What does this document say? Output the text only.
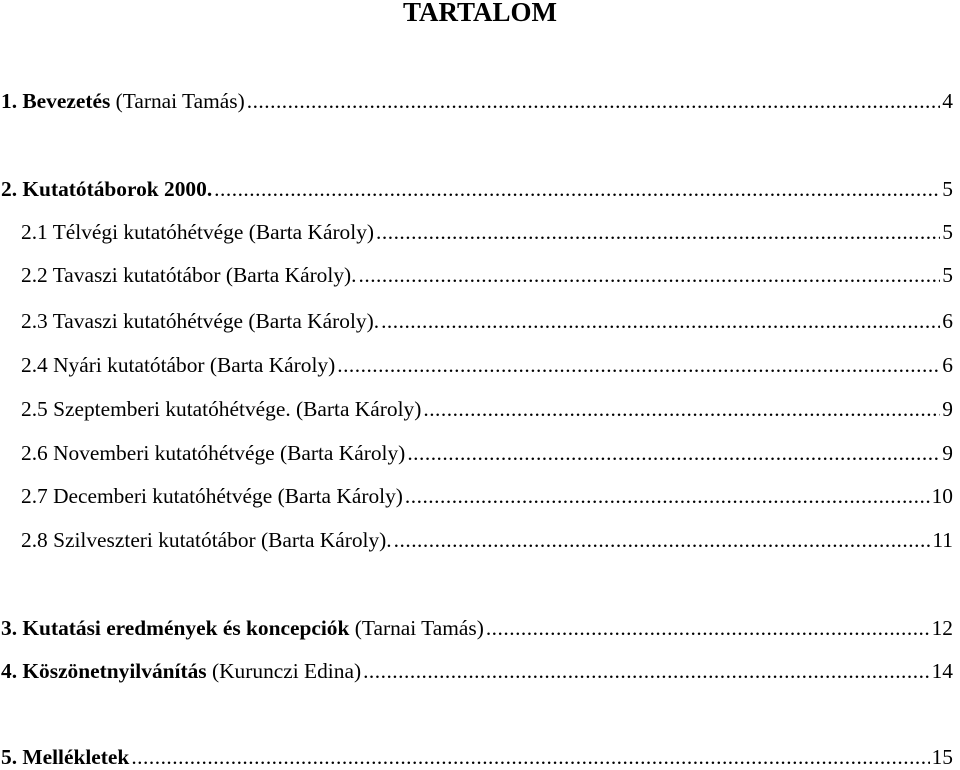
TARTALOM
1. Bevezetés (Tarnai Tamás) .....	4
2. Kutatótáborok 2000. .....	5
2.1 Télvégi kutatóhétvége (Barta Károly) .....	5
2.2 Tavaszi kutatótábor (Barta Károly). .....	5
2.3 Tavaszi kutatóhétvége (Barta Károly). .....	6
2.4 Nyári kutatótábor (Barta Károly) .....	6
2.5 Szeptemberi kutatóhétvége. (Barta Károly) .....	9
2.6 Novemberi kutatóhétvége (Barta Károly) .....	9
2.7 Decemberi kutatóhétvége (Barta Károly) .....	10
2.8 Szilveszteri kutatótábor (Barta Károly). .....	11
3. Kutatási eredmények és koncepciók (Tarnai Tamás) .....	12
4. Köszönetnyilvánítás (Kurunczi Edina) .....	14
5. Mellékletek .....	15
